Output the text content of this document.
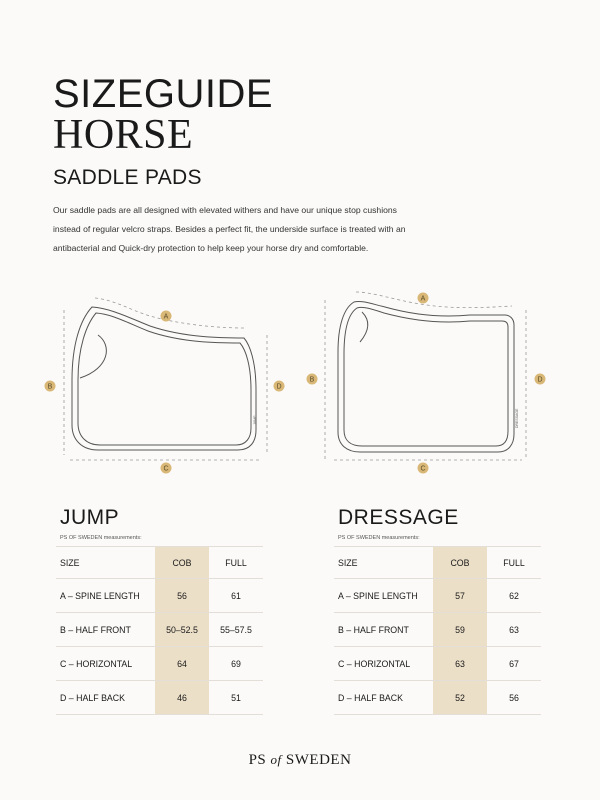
SIZEGUIDE
HORSE
SADDLE PADS
Our saddle pads are all designed with elevated withers and have our unique stop cushions instead of regular velcro straps. Besides a perfect fit, the underside surface is treated with an antibacterial and Quick-dry protection to help keep your horse dry and comfortable.
JUMP	DRESSAGE
A
B	D
C
A
B	D
C
JUMP
PS OF SWEDEN measurements:
SIZE	COB	FULL
A – SPINE LENGTH	56	61
B – HALF FRONT	50–52.5	55–57.5
C – HORIZONTAL	64	69
D – HALF BACK	46	51
DRESSAGE
PS OF SWEDEN measurements:
SIZE	COB	FULL
A – SPINE LENGTH	57	62
B – HALF FRONT	59	63
C – HORIZONTAL	63	67
D – HALF BACK	52	56
PS of SWEDEN
